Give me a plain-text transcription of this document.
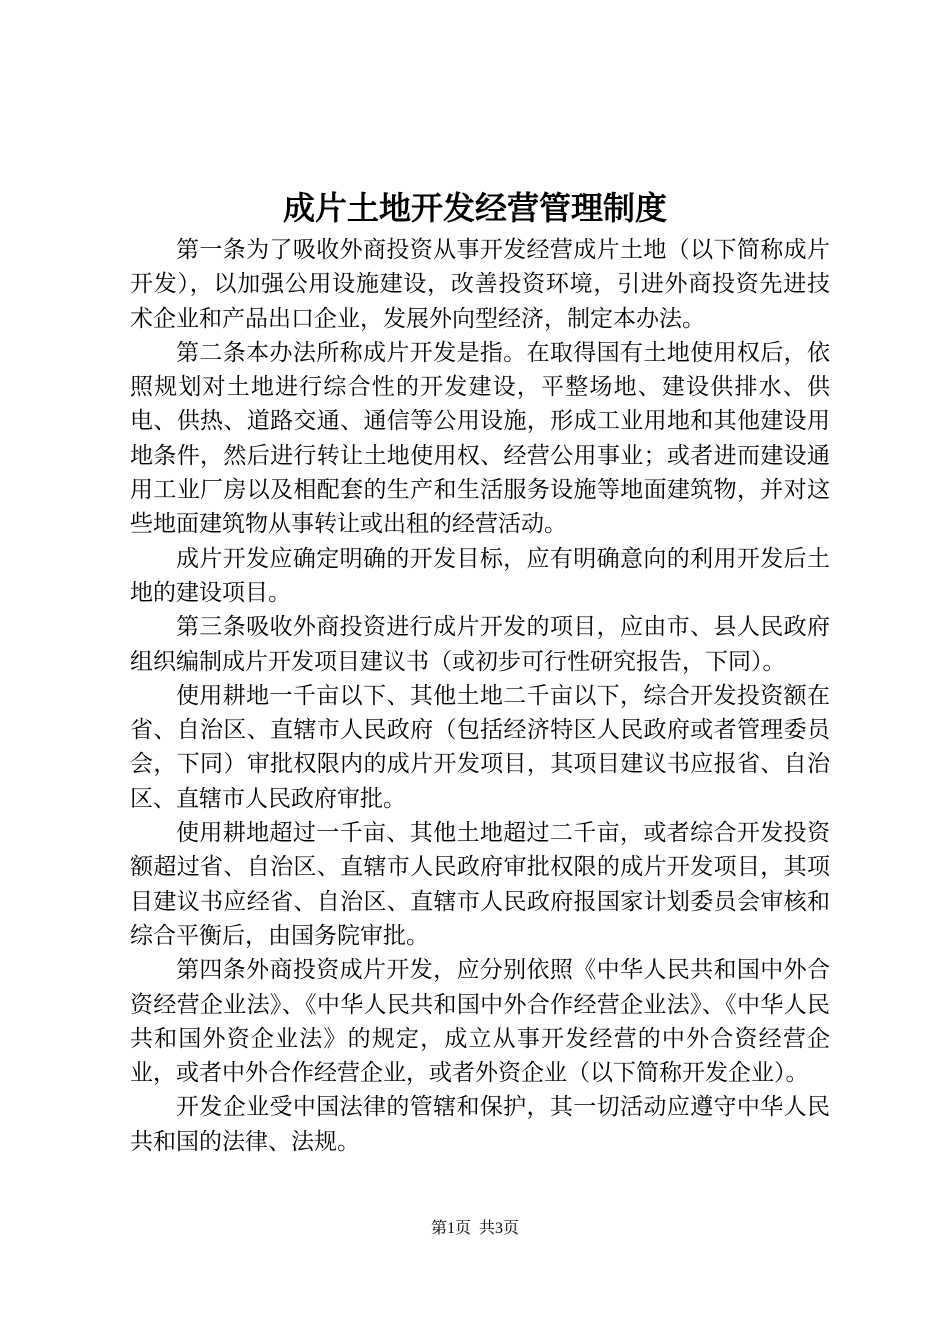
成片土地开发经营管理制度

第一条为了吸收外商投资从事开发经营成片土地（以下简称成片开发），以加强公用设施建设，改善投资环境，引进外商投资先进技术企业和产品出口企业，发展外向型经济，制定本办法。

第二条本办法所称成片开发是指。在取得国有土地使用权后，依照规划对土地进行综合性的开发建设，平整场地、建设供排水、供电、供热、道路交通、通信等公用设施，形成工业用地和其他建设用地条件，然后进行转让土地使用权、经营公用事业；或者进而建设通用工业厂房以及相配套的生产和生活服务设施等地面建筑物，并对这些地面建筑物从事转让或出租的经营活动。

成片开发应确定明确的开发目标，应有明确意向的利用开发后土地的建设项目。

第三条吸收外商投资进行成片开发的项目，应由市、县人民政府组织编制成片开发项目建议书（或初步可行性研究报告，下同）。

使用耕地一千亩以下、其他土地二千亩以下，综合开发投资额在省、自治区、直辖市人民政府（包括经济特区人民政府或者管理委员会，下同）审批权限内的成片开发项目，其项目建议书应报省、自治区、直辖市人民政府审批。

使用耕地超过一千亩、其他土地超过二千亩，或者综合开发投资额超过省、自治区、直辖市人民政府审批权限的成片开发项目，其项目建议书应经省、自治区、直辖市人民政府报国家计划委员会审核和综合平衡后，由国务院审批。

第四条外商投资成片开发，应分别依照《中华人民共和国中外合资经营企业法》、《中华人民共和国中外合作经营企业法》、《中华人民共和国外资企业法》的规定，成立从事开发经营的中外合资经营企业，或者中外合作经营企业，或者外资企业（以下简称开发企业）。

开发企业受中国法律的管辖和保护，其一切活动应遵守中华人民共和国的法律、法规。

第1页 共3页
